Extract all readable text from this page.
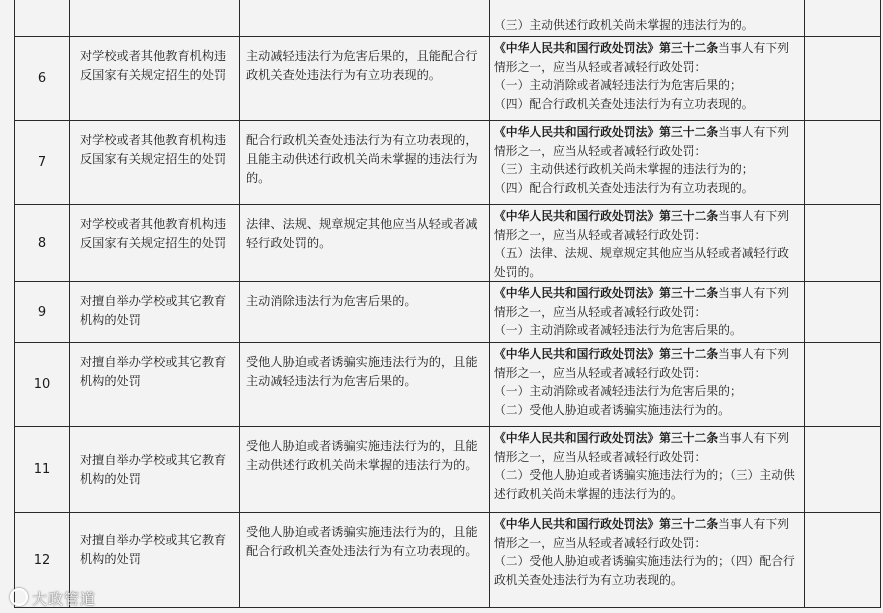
			（三）主动供述行政机关尚未掌握的违法行为的。	

6	对学校或者其他教育机构违反国家有关规定招生的处罚	主动减轻违法行为危害后果的，且能配合行政机关查处违法行为有立功表现的。	《中华人民共和国行政处罚法》第三十二条当事人有下列情形之一，应当从轻或者减轻行政处罚：
（一）主动消除或者减轻违法行为危害后果的；
（四）配合行政机关查处违法行为有立功表现的。	

7	对学校或者其他教育机构违反国家有关规定招生的处罚	配合行政机关查处违法行为有立功表现的，且能主动供述行政机关尚未掌握的违法行为的。	《中华人民共和国行政处罚法》第三十二条当事人有下列情形之一，应当从轻或者减轻行政处罚：
（三）主动供述行政机关尚未掌握的违法行为的；
（四）配合行政机关查处违法行为有立功表现的。	

8	对学校或者其他教育机构违反国家有关规定招生的处罚	法律、法规、规章规定其他应当从轻或者减轻行政处罚的。	《中华人民共和国行政处罚法》第三十二条当事人有下列情形之一，应当从轻或者减轻行政处罚：
（五）法律、法规、规章规定其他应当从轻或者减轻行政处罚的。	

9	对擅自举办学校或其它教育机构的处罚	主动消除违法行为危害后果的。	《中华人民共和国行政处罚法》第三十二条当事人有下列情形之一，应当从轻或者减轻行政处罚：
（一）主动消除或者减轻违法行为危害后果的。	

10	对擅自举办学校或其它教育机构的处罚	受他人胁迫或者诱骗实施违法行为的，且能主动减轻违法行为危害后果的。	《中华人民共和国行政处罚法》第三十二条当事人有下列情形之一，应当从轻或者减轻行政处罚：
（一）主动消除或者减轻违法行为危害后果的；
（二）受他人胁迫或者诱骗实施违法行为的。	

11	对擅自举办学校或其它教育机构的处罚	受他人胁迫或者诱骗实施违法行为的，且能主动供述行政机关尚未掌握的违法行为的。	《中华人民共和国行政处罚法》第三十二条当事人有下列情形之一，应当从轻或者减轻行政处罚：
（二）受他人胁迫或者诱骗实施违法行为的；（三）主动供述行政机关尚未掌握的违法行为的。	

12	对擅自举办学校或其它教育机构的处罚	受他人胁迫或者诱骗实施违法行为的，且能配合行政机关查处违法行为有立功表现的。	《中华人民共和国行政处罚法》第三十二条当事人有下列情形之一，应当从轻或者减轻行政处罚：
（二）受他人胁迫或者诱骗实施违法行为的；（四）配合行政机关查处违法行为有立功表现的。	

大政管道
